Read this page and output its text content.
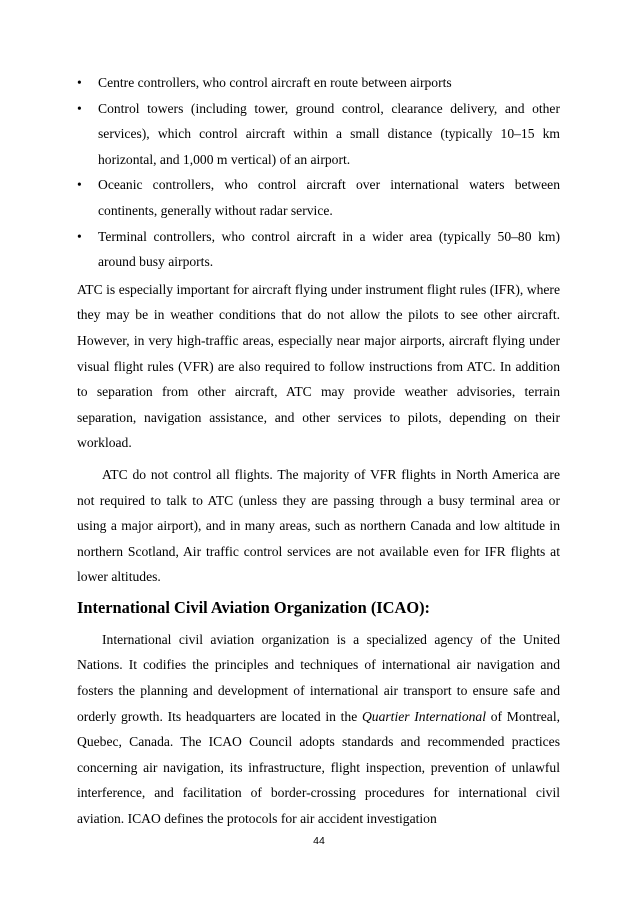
• Centre controllers, who control aircraft en route between airports
• Control towers (including tower, ground control, clearance delivery, and other services), which control aircraft within a small distance (typically 10–15 km horizontal, and 1,000 m vertical) of an airport.
• Oceanic controllers, who control aircraft over international waters between continents, generally without radar service.
• Terminal controllers, who control aircraft in a wider area (typically 50–80 km) around busy airports.

ATC is especially important for aircraft flying under instrument flight rules (IFR), where they may be in weather conditions that do not allow the pilots to see other aircraft. However, in very high-traffic areas, especially near major airports, aircraft flying under visual flight rules (VFR) are also required to follow instructions from ATC. In addition to separation from other aircraft, ATC may provide weather advisories, terrain separation, navigation assistance, and other services to pilots, depending on their workload.

ATC do not control all flights. The majority of VFR flights in North America are not required to talk to ATC (unless they are passing through a busy terminal area or using a major airport), and in many areas, such as northern Canada and low altitude in northern Scotland, Air traffic control services are not available even for IFR flights at lower altitudes.

International Civil Aviation Organization (ICAO):

International civil aviation organization is a specialized agency of the United Nations. It codifies the principles and techniques of international air navigation and fosters the planning and development of international air transport to ensure safe and orderly growth. Its headquarters are located in the Quartier International of Montreal, Quebec, Canada. The ICAO Council adopts standards and recommended practices concerning air navigation, its infrastructure, flight inspection, prevention of unlawful interference, and facilitation of border-crossing procedures for international civil aviation. ICAO defines the protocols for air accident investigation

44
